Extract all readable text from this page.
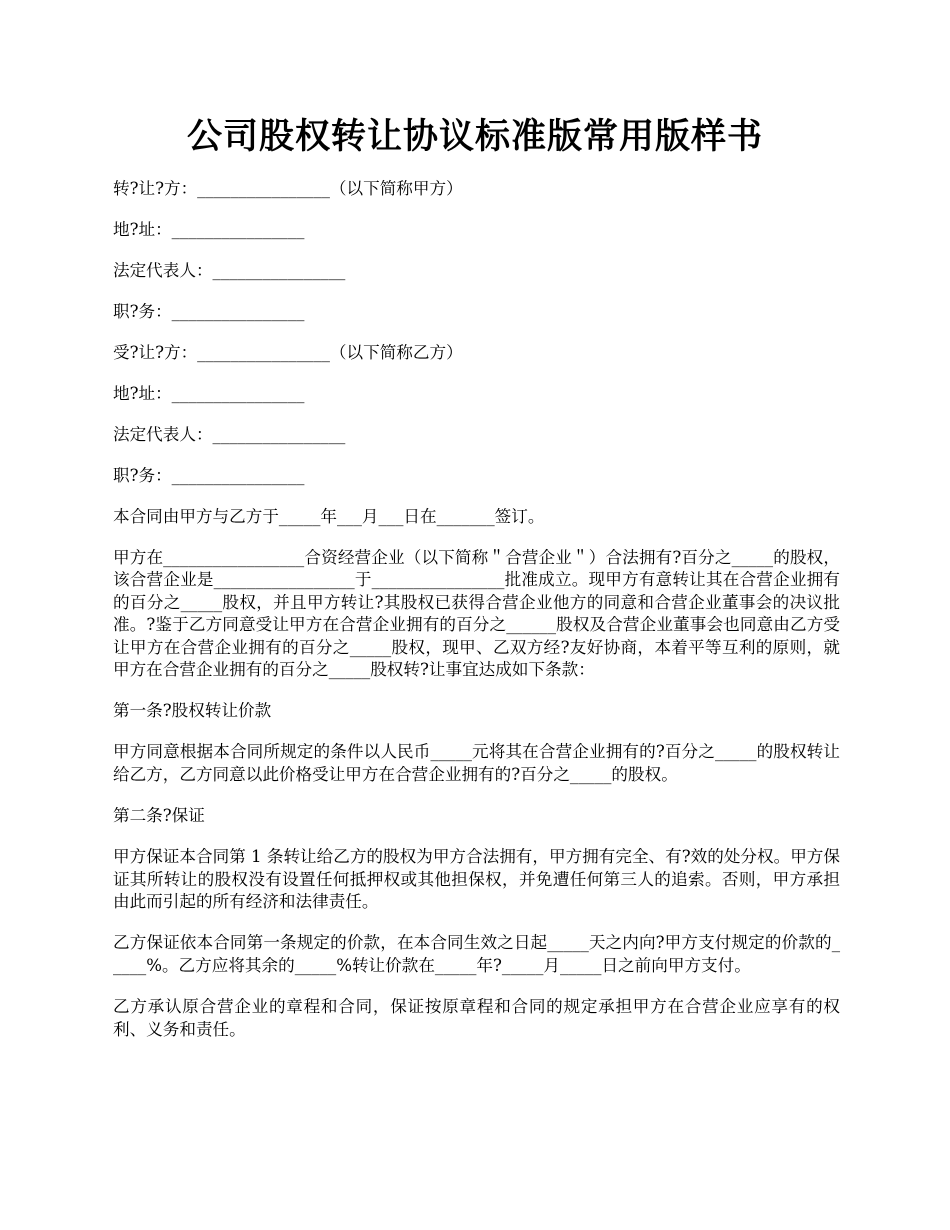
公司股权转让协议标准版常用版样书

转?让?方：________________（以下简称甲方）

地?址：________________

法定代表人：________________

职?务：________________

受?让?方：________________（以下简称乙方）

地?址：________________

法定代表人：________________

职?务：________________

本合同由甲方与乙方于_____年___月___日在_______签订。

甲方在_________________合资经营企业（以下简称＂合营企业＂）合法拥有?百分之_____的股权，该合营企业是_________________于________________批准成立。现甲方有意转让其在合营企业拥有的百分之_____股权，并且甲方转让?其股权已获得合营企业他方的同意和合营企业董事会的决议批准。?鉴于乙方同意受让甲方在合营企业拥有的百分之______股权及合营企业董事会也同意由乙方受让甲方在合营企业拥有的百分之_____股权，现甲、乙双方经?友好协商，本着平等互利的原则，就甲方在合营企业拥有的百分之_____股权转?让事宜达成如下条款：

第一条?股权转让价款

甲方同意根据本合同所规定的条件以人民币_____元将其在合营企业拥有的?百分之_____的股权转让给乙方，乙方同意以此价格受让甲方在合营企业拥有的?百分之_____的股权。

第二条?保证

甲方保证本合同第 1 条转让给乙方的股权为甲方合法拥有，甲方拥有完全、有?效的处分权。甲方保证其所转让的股权没有设置任何抵押权或其他担保权，并免遭任何第三人的追索。否则，甲方承担由此而引起的所有经济和法律责任。

乙方保证依本合同第一条规定的价款，在本合同生效之日起_____天之内向?甲方支付规定的价款的_____%。乙方应将其余的_____%转让价款在_____年?_____月_____日之前向甲方支付。

乙方承认原合营企业的章程和合同，保证按原章程和合同的规定承担甲方在合营企业应享有的权利、义务和责任。
